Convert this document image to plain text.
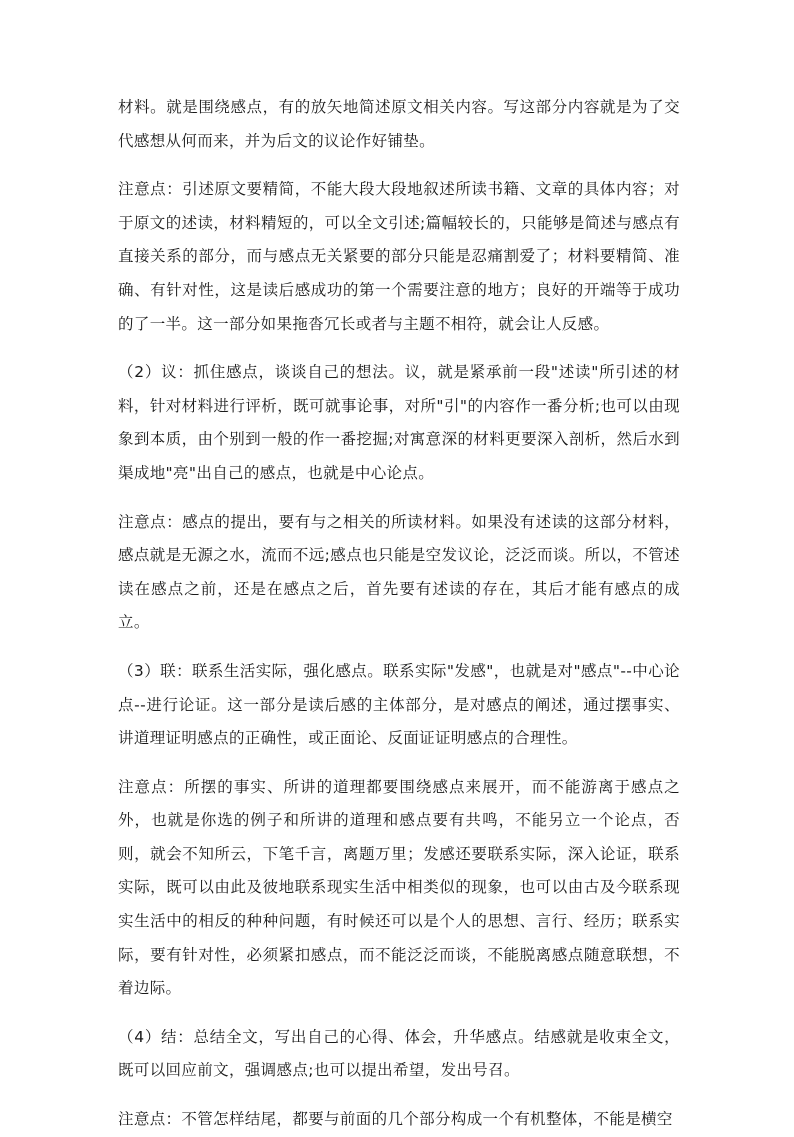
材料。就是围绕感点，有的放矢地简述原文相关内容。写这部分内容就是为了交代感想从何而来，并为后文的议论作好铺垫。

注意点：引述原文要精简，不能大段大段地叙述所读书籍、文章的具体内容；对于原文的述读，材料精短的，可以全文引述;篇幅较长的，只能够是简述与感点有直接关系的部分，而与感点无关紧要的部分只能是忍痛割爱了；材料要精简、准确、有针对性，这是读后感成功的第一个需要注意的地方；良好的开端等于成功的了一半。这一部分如果拖沓冗长或者与主题不相符，就会让人反感。

（2）议：抓住感点，谈谈自己的想法。议，就是紧承前一段"述读"所引述的材料，针对材料进行评析，既可就事论事，对所"引"的内容作一番分析;也可以由现象到本质，由个别到一般的作一番挖掘;对寓意深的材料更要深入剖析，然后水到渠成地"亮"出自己的感点，也就是中心论点。

注意点：感点的提出，要有与之相关的所读材料。如果没有述读的这部分材料，感点就是无源之水，流而不远;感点也只能是空发议论，泛泛而谈。所以，不管述读在感点之前，还是在感点之后，首先要有述读的存在，其后才能有感点的成立。

（3）联：联系生活实际，强化感点。联系实际"发感"，也就是对"感点"--中心论点--进行论证。这一部分是读后感的主体部分，是对感点的阐述，通过摆事实、讲道理证明感点的正确性，或正面论、反面证证明感点的合理性。

注意点：所摆的事实、所讲的道理都要围绕感点来展开，而不能游离于感点之外，也就是你选的例子和所讲的道理和感点要有共鸣，不能另立一个论点，否则，就会不知所云，下笔千言，离题万里；发感还要联系实际，深入论证，联系实际，既可以由此及彼地联系现实生活中相类似的现象，也可以由古及今联系现实生活中的相反的种种问题，有时候还可以是个人的思想、言行、经历；联系实际，要有针对性，必须紧扣感点，而不能泛泛而谈，不能脱离感点随意联想，不着边际。

（4）结：总结全文，写出自己的心得、体会，升华感点。结感就是收束全文，既可以回应前文，强调感点;也可以提出希望，发出号召。

注意点：不管怎样结尾，都要与前面的几个部分构成一个有机整体，不能是横空
